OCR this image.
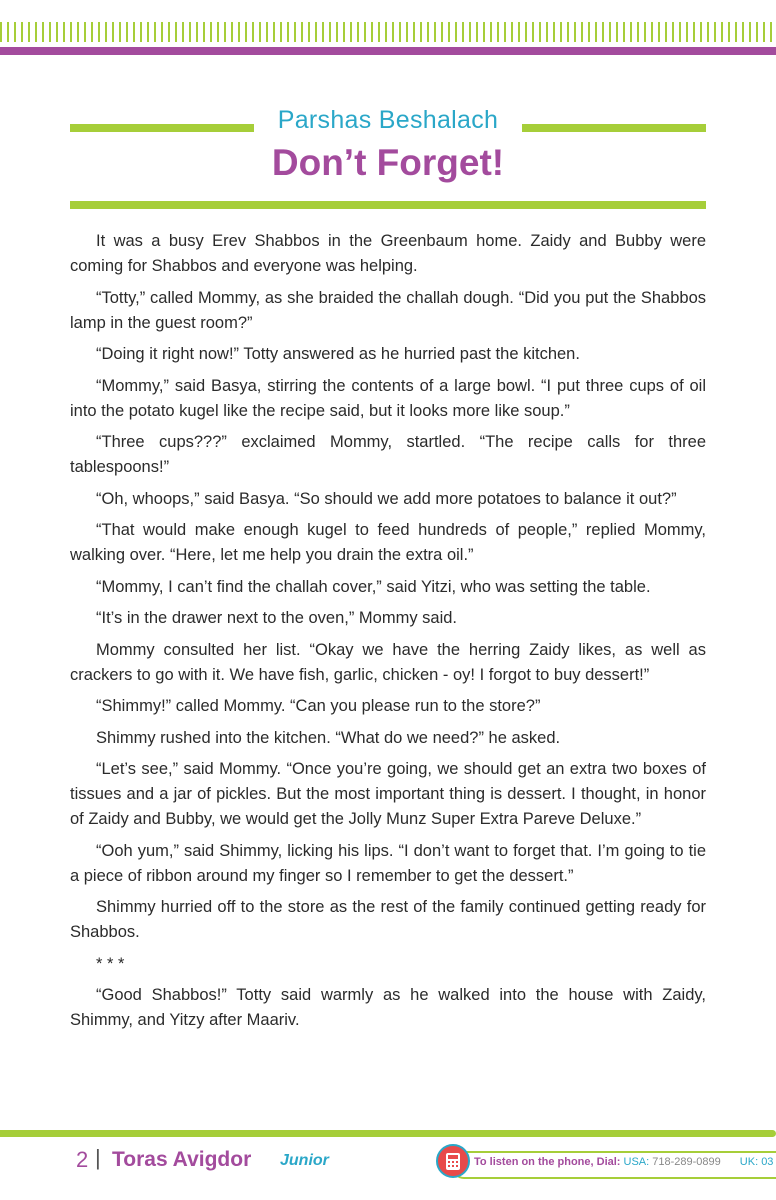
Parshas Beshalach
Don’t Forget!

It was a busy Erev Shabbos in the Greenbaum home. Zaidy and Bubby were coming for Shabbos and everyone was helping.

“Totty,” called Mommy, as she braided the challah dough. “Did you put the Shabbos lamp in the guest room?”

“Doing it right now!” Totty answered as he hurried past the kitchen.

“Mommy,” said Basya, stirring the contents of a large bowl. “I put three cups of oil into the potato kugel like the recipe said, but it looks more like soup.”

“Three cups???” exclaimed Mommy, startled. “The recipe calls for three tablespoons!”

“Oh, whoops,” said Basya. “So should we add more potatoes to balance it out?”

“That would make enough kugel to feed hundreds of people,” replied Mommy, walking over. “Here, let me help you drain the extra oil.”

“Mommy, I can’t find the challah cover,” said Yitzi, who was setting the table.

“It’s in the drawer next to the oven,” Mommy said.

Mommy consulted her list. “Okay we have the herring Zaidy likes, as well as crackers to go with it. We have fish, garlic, chicken - oy! I forgot to buy dessert!”

“Shimmy!” called Mommy. “Can you please run to the store?”

Shimmy rushed into the kitchen. “What do we need?” he asked.

“Let’s see,” said Mommy. “Once you’re going, we should get an extra two boxes of tissues and a jar of pickles. But the most important thing is dessert. I thought, in honor of Zaidy and Bubby, we would get the Jolly Munz Super Extra Pareve Deluxe.”

“Ooh yum,” said Shimmy, licking his lips. “I don’t want to forget that. I’m going to tie a piece of ribbon around my finger so I remember to get the dessert.”

Shimmy hurried off to the store as the rest of the family continued getting ready for Shabbos.

* * *

“Good Shabbos!” Totty said warmly as he walked into the house with Zaidy, Shimmy, and Yitzy after Maariv.

2 | Toras Avigdor Junior	To listen on the phone, Dial: USA: 718-289-0899 UK: 03
